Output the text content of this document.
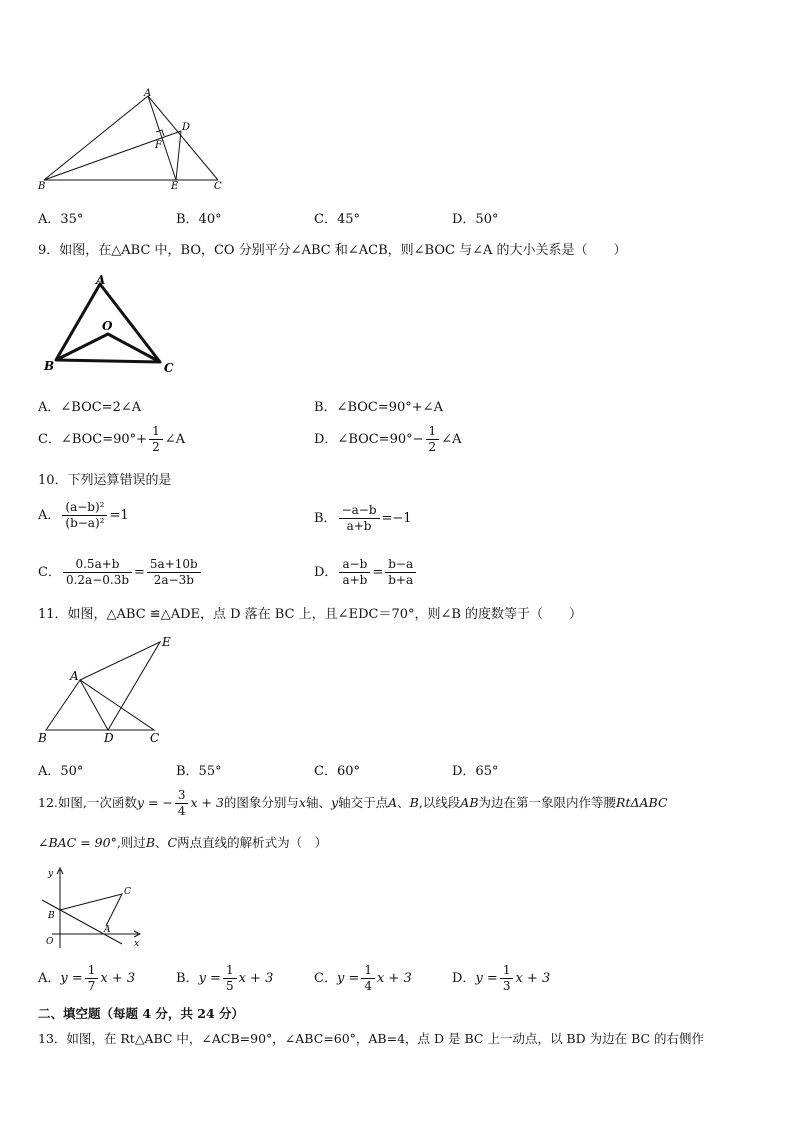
A
B	C
D
E
F
A．35°	B．40°	C．45°	D．50°
9．如图，在△ABC 中，BO，CO 分别平分∠ABC 和∠ACB，则∠BOC 与∠A 的大小关系是（　　）
A
B	C
O
A．∠BOC=2∠A	B．∠BOC=90°+∠A
C．∠BOC=90°+ $\frac{1}{2}$ ∠A	D．∠BOC=90°− $\frac{1}{2}$ ∠A
10．下列运算错误的是
A． $\frac{\text{(a−b)²}}{\text{(b−a)²}} =1$	B． $\frac{-a-b}{a+b} =-1$
C． $\frac{0.5a+b}{0.2a-0.3b} = \frac{5a+10b}{2a-3b}$	D． $\frac{a-b}{a+b} = \frac{b-a}{b+a}$
11．如图，△ABC ≌△ADE，点 D 落在 BC 上，且∠EDC＝70°，则∠B 的度数等于（　　）
A
B	C
D
E
A．50°	B．55°	C．60°	D．65°
12.如图,一次函数y = − $\frac{3}{4}$ x + 3的图象分别与x轴、y轴交于点A、B,以线段AB为边在第一象限内作等腰RtΔABC
∠BAC = 90°,则过B、C两点直线的解析式为（　）
y
x
O
A
B
C
A．$y = \frac{1}{7}$ x + 3	B．$y = \frac{1}{5}$ x + 3	C．$y = \frac{1}{4}$ x + 3	D．$y = \frac{1}{3}$ x + 3
二、填空题（每题 4 分，共 24 分）
13．如图，在 Rt△ABC 中，∠ACB=90°，∠ABC=60°，AB=4，点 D 是 BC 上一动点，以 BD 为边在 BC 的右侧作
